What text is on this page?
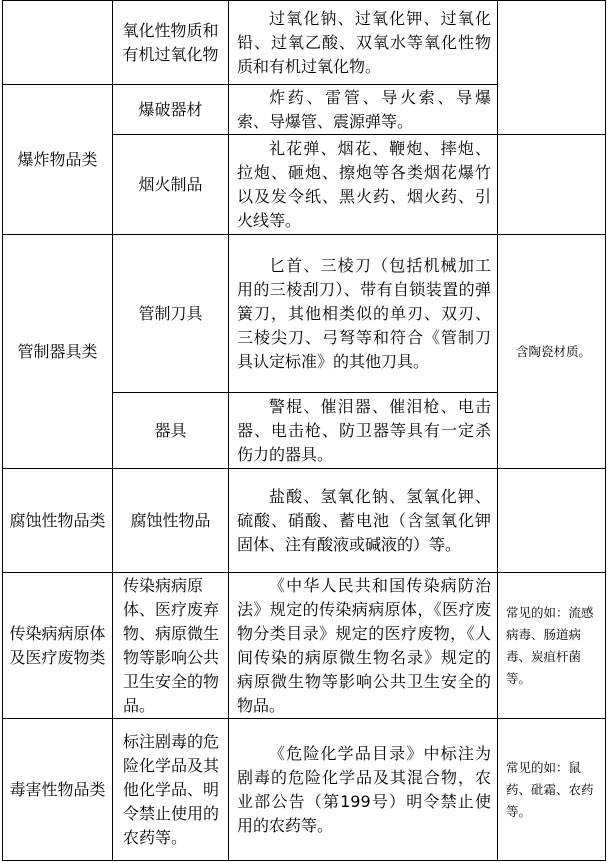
	氧化性物质和有机过氧化物	过氧化钠、过氧化钾、过氧化铅、过氧乙酸、双氧水等氧化性物质和有机过氧化物。	
爆炸物品类	爆破器材	炸药、雷管、导火索、导爆索、导爆管、震源弹等。	
	烟火制品	礼花弹、烟花、鞭炮、摔炮、拉炮、砸炮、擦炮等各类烟花爆竹以及发令纸、黑火药、烟火药、引火线等。	
管制器具类	管制刀具	匕首、三棱刀（包括机械加工用的三棱刮刀）、带有自锁装置的弹簧刀，其他相类似的单刃、双刃、三棱尖刀、弓弩等和符合《管制刀具认定标准》的其他刀具。	含陶瓷材质。
	器具	警棍、催泪器、催泪枪、电击器、电击枪、防卫器等具有一定杀伤力的器具。	
腐蚀性物品类	腐蚀性物品	盐酸、氢氧化钠、氢氧化钾、硫酸、硝酸、蓄电池（含氢氧化钾固体、注有酸液或碱液的）等。	
传染病病原体及医疗废物类	传染病病原体、医疗废弃物、病原微生物等影响公共卫生安全的物品。	《中华人民共和国传染病防治法》规定的传染病病原体，《医疗废物分类目录》规定的医疗废物，《人间传染的病原微生物名录》规定的病原微生物等影响公共卫生安全的物品。	常见的如：流感病毒、肠道病毒、炭疽杆菌等。
毒害性物品类	标注剧毒的危险化学品及其他化学品、明令禁止使用的农药等。	《危险化学品目录》中标注为剧毒的危险化学品及其混合物，农业部公告（第199号）明令禁止使用的农药等。	常见的如：鼠药、砒霜、农药等。
